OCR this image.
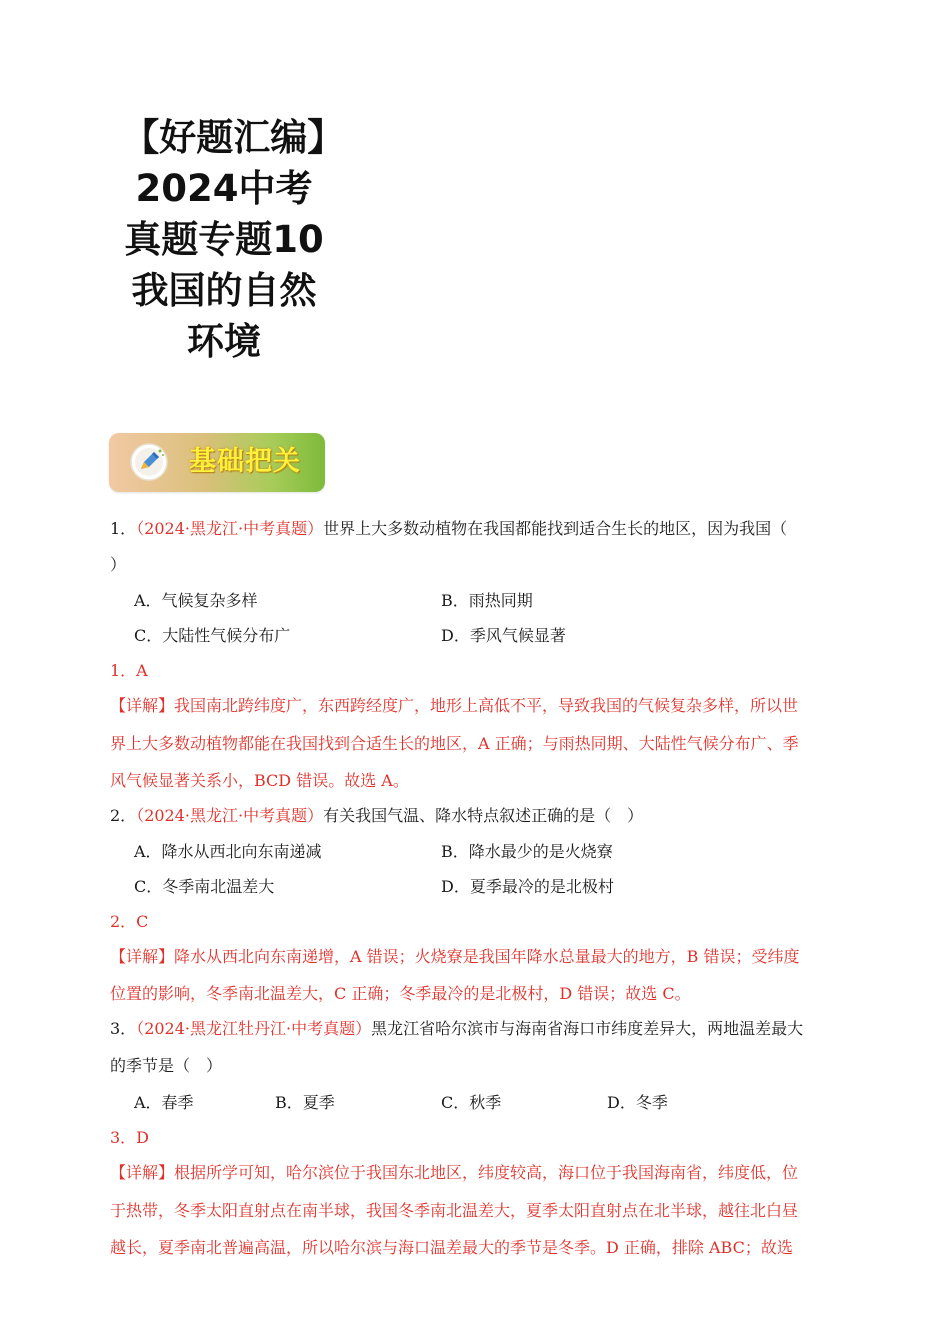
【好题汇编】2024中考真题专题10我国的自然环境
基础把关
1．（2024·黑龙江·中考真题）世界上大多数动植物在我国都能找到适合生长的地区，因为我国（
）
A．气候复杂多样	B．雨热同期
C．大陆性气候分布广	D．季风气候显著
1．A
【详解】我国南北跨纬度广，东西跨经度广，地形上高低不平，导致我国的气候复杂多样，所以世
界上大多数动植物都能在我国找到合适生长的地区，A 正确；与雨热同期、大陆性气候分布广、季
风气候显著关系小，BCD 错误。故选 A。
2．（2024·黑龙江·中考真题）有关我国气温、降水特点叙述正确的是（　）
A．降水从西北向东南递减	B．降水最少的是火烧寮
C．冬季南北温差大	D．夏季最冷的是北极村
2．C
【详解】降水从西北向东南递增，A 错误；火烧寮是我国年降水总量最大的地方，B 错误；受纬度
位置的影响，冬季南北温差大，C 正确；冬季最冷的是北极村，D 错误；故选 C。
3．（2024·黑龙江牡丹江·中考真题）黑龙江省哈尔滨市与海南省海口市纬度差异大，两地温差最大
的季节是（　）
A．春季	B．夏季	C．秋季	D．冬季
3．D
【详解】根据所学可知，哈尔滨位于我国东北地区，纬度较高，海口位于我国海南省，纬度低，位
于热带，冬季太阳直射点在南半球，我国冬季南北温差大，夏季太阳直射点在北半球，越往北白昼
越长，夏季南北普遍高温，所以哈尔滨与海口温差最大的季节是冬季。D 正确，排除 ABC；故选
